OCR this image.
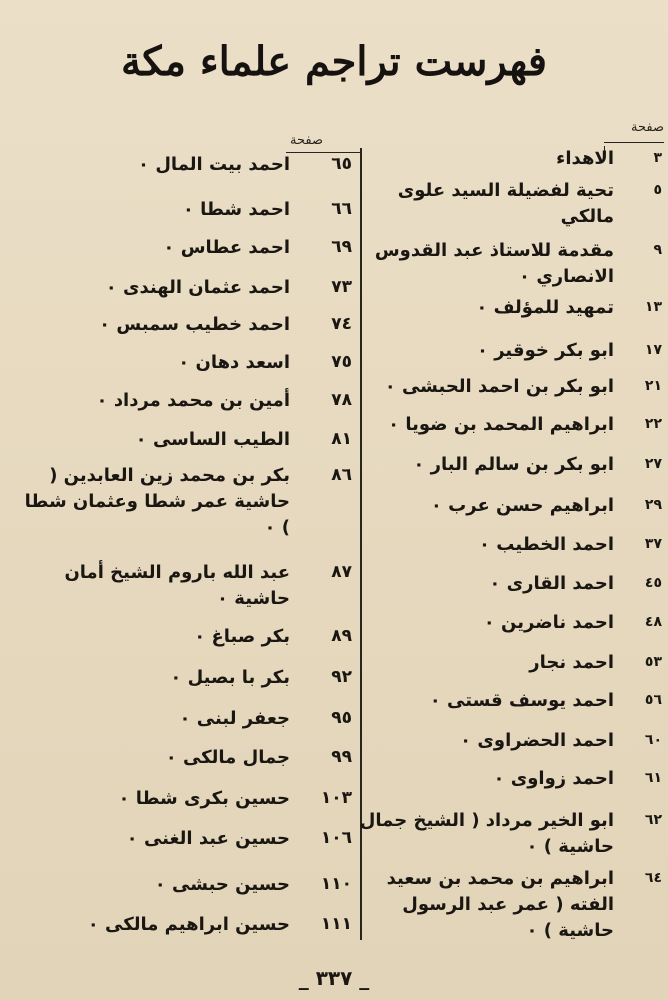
فهرست تراجم علماء مكة
صفحة
صفحة
٣
الاهداء
٥
تحية لفضيلة السيد علوى مالكي
٩
مقدمة للاستاذ عبد القدوس الانصاري ٠
١٣
تمهيد للمؤلف ٠
١٧
ابو بكر خوقير ٠
٢١
ابو بكر بن احمد الحبشى ٠
٢٢
ابراهيم المحمد بن ضويا ٠
٢٧
ابو بكر بن سالم البار ٠
٢٩
ابراهيم حسن عرب ٠
٣٧
احمد الخطيب ٠
٤٥
احمد القارى ٠
٤٨
احمد ناضرين ٠
٥٣
احمد نجار
٥٦
احمد يوسف قستى ٠
٦٠
احمد الحضراوى ٠
٦١
احمد زواوى ٠
٦٢
ابو الخير مرداد ( الشيخ جمال حاشية ) ٠
٦٤
ابراهيم بن محمد بن سعيد الفته ( عمر عبد الرسول حاشية ) ٠
٦٥
احمد بيت المال ٠
٦٦
احمد شطا ٠
٦٩
احمد عطاس ٠
٧٣
احمد عثمان الهندى ٠
٧٤
احمد خطيب سمبس ٠
٧٥
اسعد دهان ٠
٧٨
أمين بن محمد مرداد ٠
٨١
الطيب الساسى ٠
٨٦
بكر بن محمد زين العابدين ( حاشية عمر شطا وعثمان شطا ) ٠
٨٧
عبد الله باروم الشيخ أمان حاشية ٠
٨٩
بكر صباغ ٠
٩٢
بكر با بصيل ٠
٩٥
جعفر لبنى ٠
٩٩
جمال مالكى ٠
١٠٣
حسين بكرى شطا ٠
١٠٦
حسين عبد الغنى ٠
١١٠
حسين حبشى ٠
١١١
حسين ابراهيم مالكى ٠
_ ٣٣٧ _
